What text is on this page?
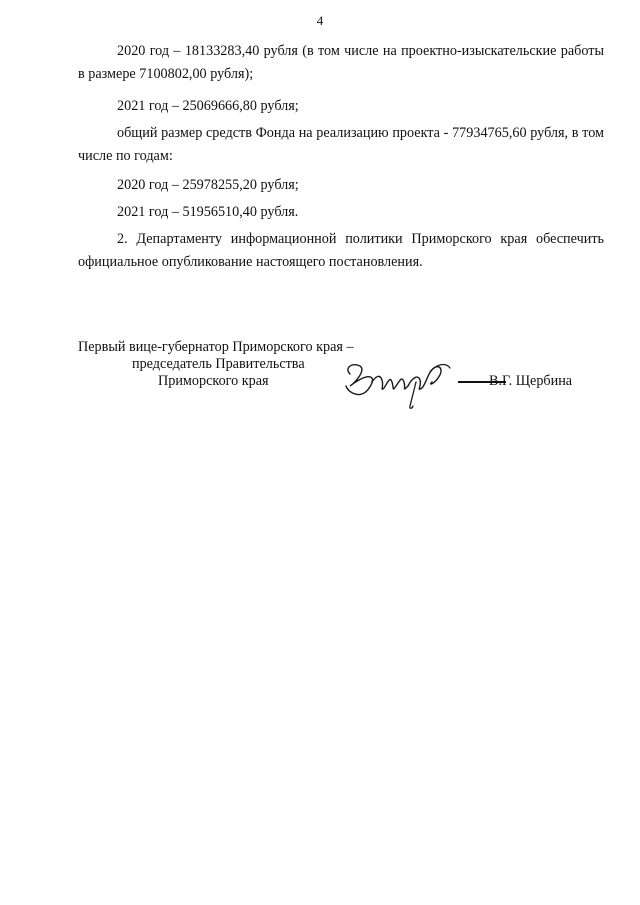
4

2020 год – 18133283,40 рубля (в том числе на проектно-изыскательские работы в размере 7100802,00 рубля);

2021 год – 25069666,80 рубля;

общий размер средств Фонда на реализацию проекта - 77934765,60 рубля, в том числе по годам:

2020 год – 25978255,20 рубля;

2021 год – 51956510,40 рубля.

2. Департаменту информационной политики Приморского края обеспечить официальное опубликование настоящего постановления.

Первый вице-губернатор Приморского края –
председатель Правительства
Приморского края	В.Г. Щербина
